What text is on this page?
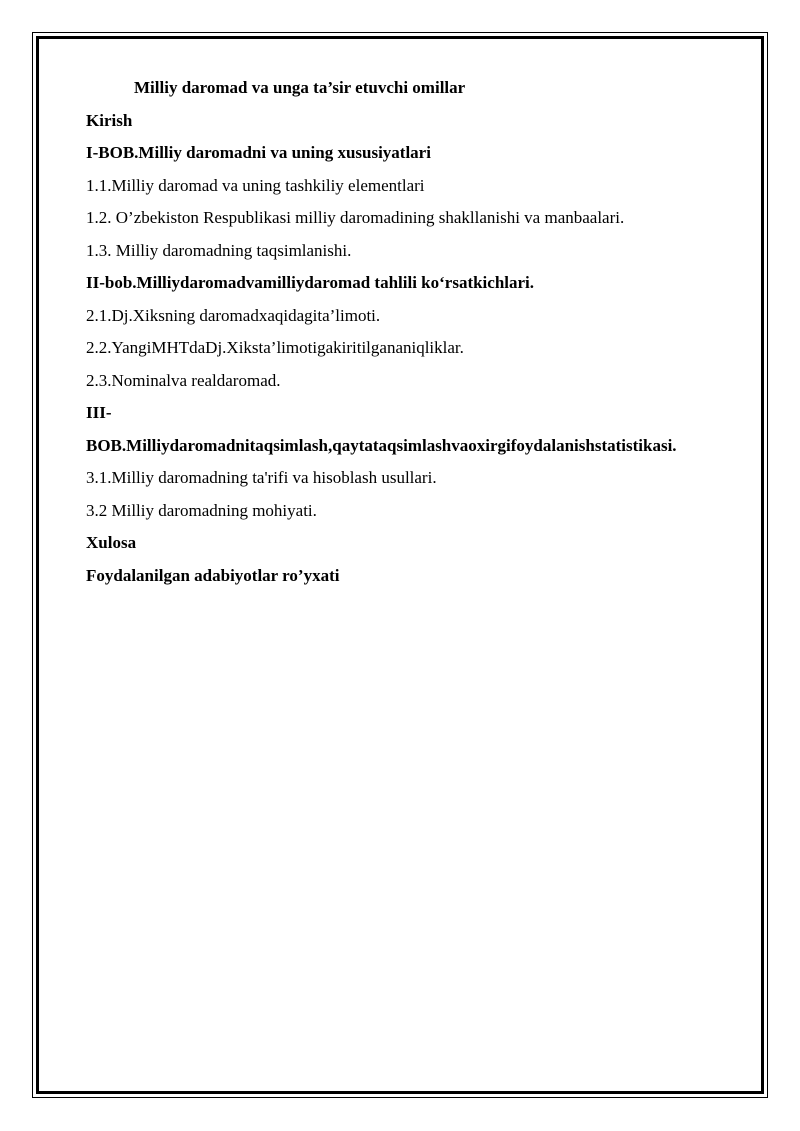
Milliy daromad va unga ta’sir etuvchi omillar
Kirish
I-BOB.Milliy daromadni va uning xususiyatlari
1.1.Milliy daromad va uning tashkiliy elementlari
1.2. O’zbekiston Respublikasi milliy daromadining shakllanishi va manbaalari.
1.3. Milliy daromadning taqsimlanishi.
II-bob.Milliydaromadvamilliydaromad tahlili ko‘rsatkichlari.
2.1.Dj.Xiksning daromadxaqidagita’limoti.
2.2.YangiMHTdaDj.Xiksta’limotigakiritilgananiqliklar.
2.3.Nominalva realdaromad.
III-
BOB.Milliydaromadnitaqsimlash,qaytataqsimlashvaoxirgifoydalanishstatistikasi.
3.1.Milliy daromadning ta'rifi va hisoblash usullari.
3.2 Milliy daromadning mohiyati.
Xulosa
Foydalanilgan adabiyotlar ro’yxati
